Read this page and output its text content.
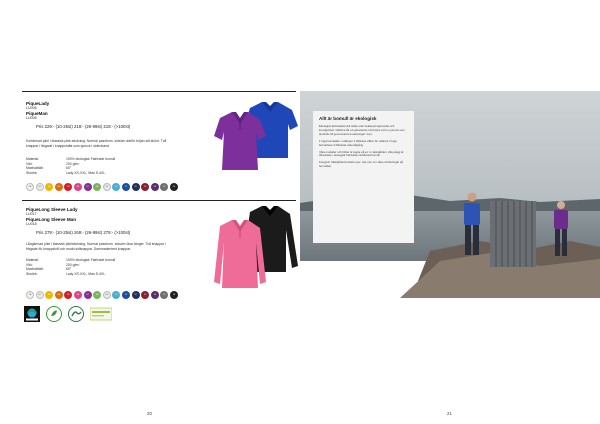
PiqueLady
LU006
PiqueMan
LU006
Pris 229:- (10-25st) 219:- (26-99st) 219:- (>100st)
Kortärmad piké i klassisk piké-stickning. Normal passform, sidsöm därför tröjan sitt skönt. Två knappar i färgade i knappsluffa som spruck i sidenband.
Material:	100% ekologisk Fairtrade bomull
Vikt:	200 g/m²
Maxtvättätt:	60°
Storlek:	Lady XS-XXL, Man S-4XL
1A	02	03	04	05	06	07	08	09	10	11	12	13	14	15	16
PiqueLong Sleeve Lady
LU017
PiqueLong Sleeve Man
LU018
Pris 279:- (10-25st) 269:- (26-99st) 279:- (>100st)
Långärmad piké i klassisk pikéstickning. Normal passform, sidsöm ökar tänger. Två knappar i färgade för knappsluff och mudd sidknappar. Dammadentent knappar.
Material:	100% ekologisk Fairtrade bomull
Vikt:	200 g/m²
Maxtvättätt:	60°
Storlek:	Lady XS-XXL, Man S-4XL
1A	02	03	04	05	06	07	08	09	10	11	12	13	14	15	16
20
Allt är bomull är ekologisk
Ekologisk fairtradebomull odlas utan bekämpningsmedel och konstgödsel. Odlarna får ett garanterat minimipris och en premie som används till gemensamma satsningar i byn.
1 Inga kemikalier i odlingen 2 Rättvisa villkor för odlarna 3 Inga barnarbete 4 Minskad vattenåtgång
Våra modeller och bilder är tagna på en ö i skärgården. Alla plagg är tillverkade i ekologisk Fairtrade-certifierad bomull.
Fotograf: Skärgårdens bästa vyer. Läs mer om våra certifieringar på hemsidan.
21
